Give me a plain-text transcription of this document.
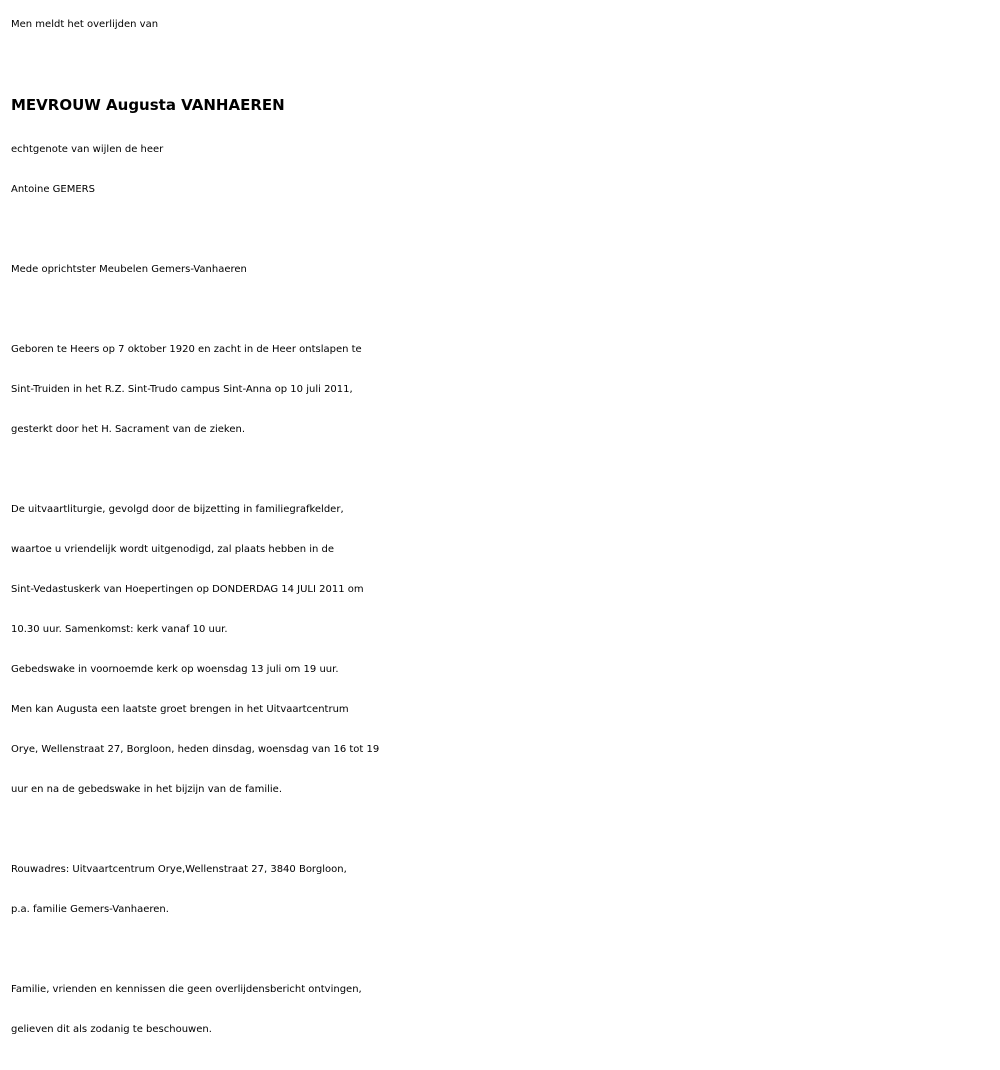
Men meldt het overlijden van
MEVROUW Augusta VANHAEREN
echtgenote van wijlen de heer
Antoine GEMERS
Mede oprichtster Meubelen Gemers-Vanhaeren
Geboren te Heers op 7 oktober 1920 en zacht in de Heer ontslapen te
Sint-Truiden in het R.Z. Sint-Trudo campus Sint-Anna op 10 juli 2011,
gesterkt door het H. Sacrament van de zieken.
De uitvaartliturgie, gevolgd door de bijzetting in familiegrafkelder,
waartoe u vriendelijk wordt uitgenodigd, zal plaats hebben in de
Sint-Vedastuskerk van Hoepertingen op DONDERDAG 14 JULI 2011 om
10.30 uur. Samenkomst: kerk vanaf 10 uur.
Gebedswake in voornoemde kerk op woensdag 13 juli om 19 uur.
Men kan Augusta een laatste groet brengen in het Uitvaartcentrum
Orye, Wellenstraat 27, Borgloon, heden dinsdag, woensdag van 16 tot 19
uur en na de gebedswake in het bijzijn van de familie.
Rouwadres: Uitvaartcentrum Orye,Wellenstraat 27, 3840 Borgloon,
p.a. familie Gemers-Vanhaeren.
Familie, vrienden en kennissen die geen overlijdensbericht ontvingen,
gelieven dit als zodanig te beschouwen.
